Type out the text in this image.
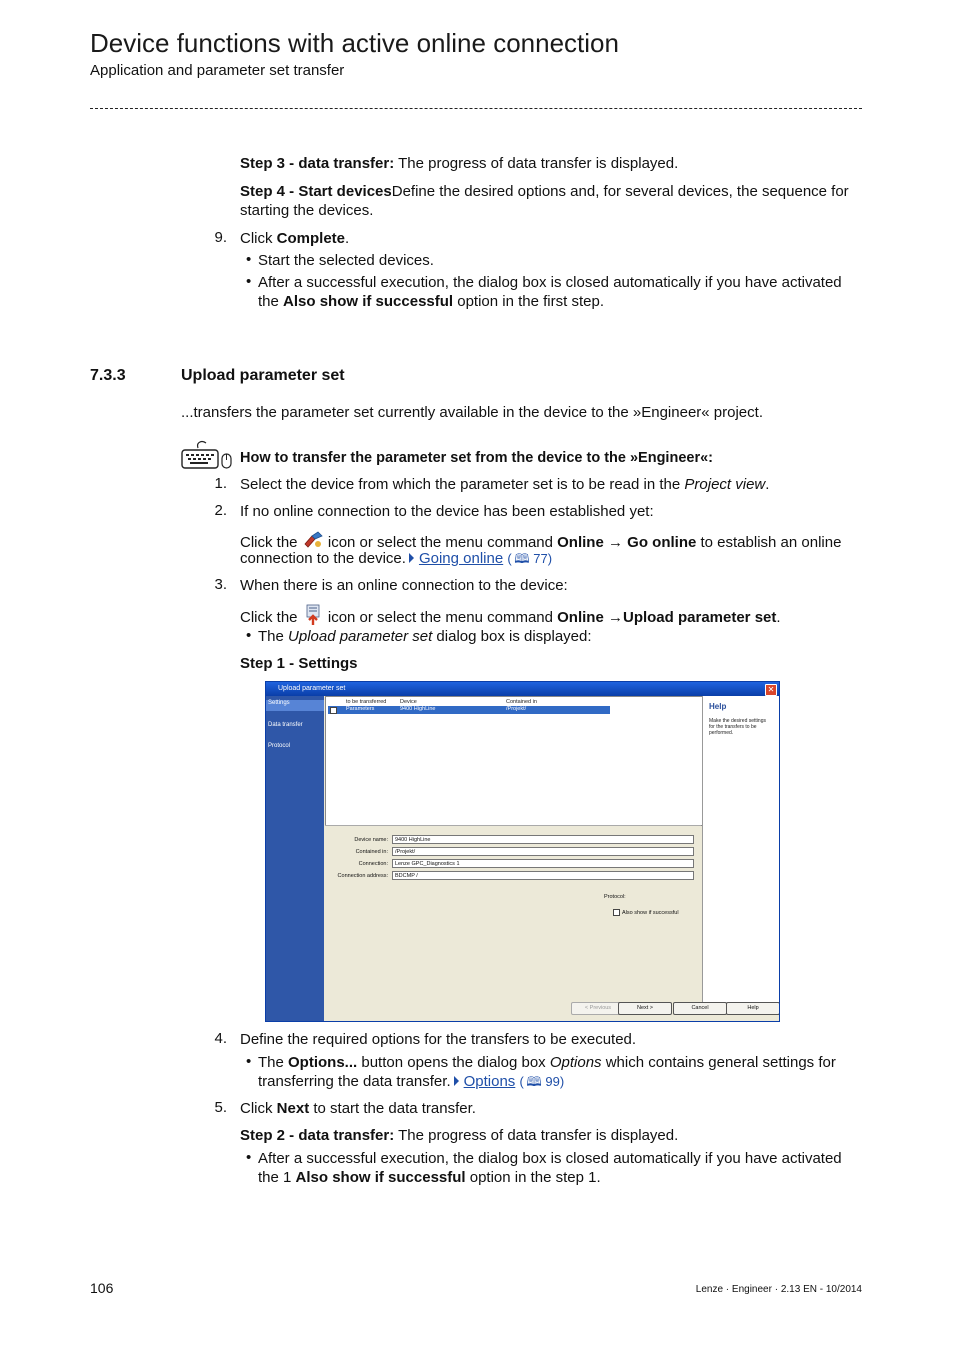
Device functions with active online connection
Application and parameter set transfer
Step 3 - data transfer: The progress of data transfer is displayed.
Step 4 - Start devicesDefine the desired options and, for several devices, the sequence for
starting the devices.
9. Click Complete.
• Start the selected devices.
• After a successful execution, the dialog box is closed automatically if you have activated
the Also show if successful option in the first step.
7.3.3	Upload parameter set
...transfers the parameter set currently available in the device to the »Engineer« project.
How to transfer the parameter set from the device to the »Engineer«:
1. Select the device from which the parameter set is to be read in the Project view.
2. If no online connection to the device has been established yet:
Click the  icon or select the menu command Online → Go online to establish an online
connection to the device. Going online ( 🕮 77)
3. When there is an online connection to the device:
Click the  icon or select the menu command Online →Upload parameter set.
• The Upload parameter set dialog box is displayed:
Step 1 - Settings
Upload parameter set	✕
Settings
Data transfer
Protocol
to be transferred Device	Contained in
Parameters	9400 HighLine	/Projekt/
Device name:	9400 HighLine
Contained in:	/Projekt/
Connection:	Lenze GPC_Diagnostics 1
Connection address:	BDCMP /
Protocol:
Also show if successful
Help
Make the desired settings for the transfers to be performed.
< Previous	Next >	Cancel	Help
4. Define the required options for the transfers to be executed.
• The Options... button opens the dialog box Options which contains general settings for
transferring the data transfer. Options ( 🕮 99)
5. Click Next to start the data transfer.
Step 2 - data transfer: The progress of data transfer is displayed.
• After a successful execution, the dialog box is closed automatically if you have activated
the 1 Also show if successful option in the step 1.
106	Lenze · Engineer · 2.13 EN - 10/2014
